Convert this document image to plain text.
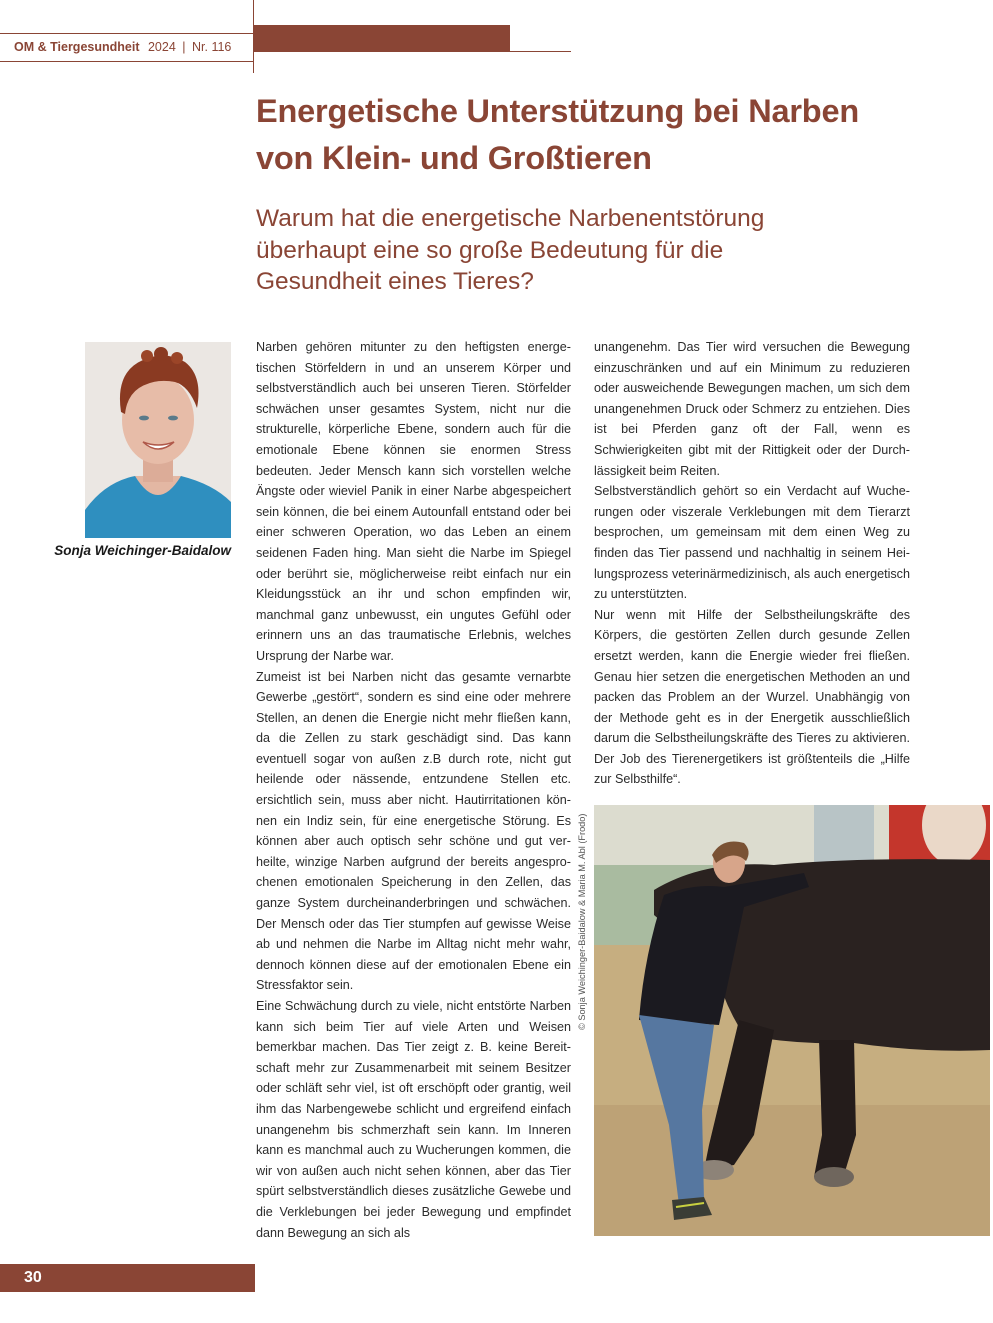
OM & Tiergesundheit 2024 | Nr. 116
Energetische Unterstützung bei Narben
von Klein- und Großtieren
Warum hat die energetische Narbenentstörung
überhaupt eine so große Bedeutung für die
Gesundheit eines Tieres?
Sonja Weichinger-Baidalow

Narben gehören mitunter zu den heftigsten energetischen Störfeldern in und an unserem Körper und selbstverständlich auch bei unseren Tieren. Störfelder schwächen unser gesamtes System, nicht nur die strukturelle, körperliche Ebene, sondern auch für die emotionale Ebene können sie enormen Stress bedeuten. Jeder Mensch kann sich vorstellen welche Ängste oder wieviel Panik in einer Narbe abgespeichert sein können, die bei einem Autounfall entstand oder bei einer schweren Operation, wo das Leben an einem seidenen Faden hing. Man sieht die Narbe im Spiegel oder berührt sie, möglicherweise reibt einfach nur ein Kleidungsstück an ihr und schon empfinden wir, manchmal ganz unbewusst, ein ungutes Gefühl oder erinnern uns an das traumatische Erlebnis, welches Ursprung der Narbe war.

Zumeist ist bei Narben nicht das gesamte vernarbte Gewerbe „gestört“, sondern es sind eine oder mehrere Stellen, an denen die Energie nicht mehr fließen kann, da die Zellen zu stark geschädigt sind. Das kann eventuell sogar von außen z.B durch rote, nicht gut heilende oder nässende, entzundene Stellen etc. ersichtlich sein, muss aber nicht. Hautirritationen können ein Indiz sein, für eine energetische Störung. Es können aber auch optisch sehr schöne und gut verheilte, winzige Narben aufgrund der bereits angesprochenen emotionalen Speicherung in den Zellen, das ganze System durcheinanderbringen und schwächen. Der Mensch oder das Tier stumpfen auf gewisse Weise ab und nehmen die Narbe im Alltag nicht mehr wahr, dennoch können diese auf der emotionalen Ebene ein Stressfaktor sein.

Eine Schwächung durch zu viele, nicht entstörte Narben kann sich beim Tier auf viele Arten und Weisen bemerkbar machen. Das Tier zeigt z. B. keine Bereitschaft mehr zur Zusammenarbeit mit seinem Besitzer oder schläft sehr viel, ist oft erschöpft oder grantig, weil ihm das Narbengewebe schlicht und ergreifend einfach unangenehm bis schmerzhaft sein kann. Im Inneren kann es manchmal auch zu Wucherungen kommen, die wir von außen auch nicht sehen können, aber das Tier spürt selbstverständlich dieses zusätzliche Gewebe und die Verklebungen bei jeder Bewegung und empfindet dann Bewegung an sich als

unangenehm. Das Tier wird versuchen die Bewegung einzuschränken und auf ein Minimum zu reduzieren oder ausweichende Bewegungen machen, um sich dem unangenehmen Druck oder Schmerz zu entziehen. Dies ist bei Pferden ganz oft der Fall, wenn es Schwierigkeiten gibt mit der Rittigkeit oder der Durchlässigkeit beim Reiten.

Selbstverständlich gehört so ein Verdacht auf Wucherungen oder viszerale Verklebungen mit dem Tierarzt besprochen, um gemeinsam mit dem einen Weg zu finden das Tier passend und nachhaltig in seinem Heilungsprozess veterinärmedizinisch, als auch energetisch zu unterstützten.

Nur wenn mit Hilfe der Selbstheilungskräfte des Körpers, die gestörten Zellen durch gesunde Zellen ersetzt werden, kann die Energie wieder frei fließen. Genau hier setzen die energetischen Methoden an und packen das Problem an der Wurzel. Unabhängig von der Methode geht es in der Energetik ausschließlich darum die Selbstheilungskräfte des Tieres zu aktivieren. Der Job des Tierenergetikers ist größtenteils die „Hilfe zur Selbsthilfe“.

© Sonja Weichinger-Baidalow & Maria M. Abl (Frodo)
30
